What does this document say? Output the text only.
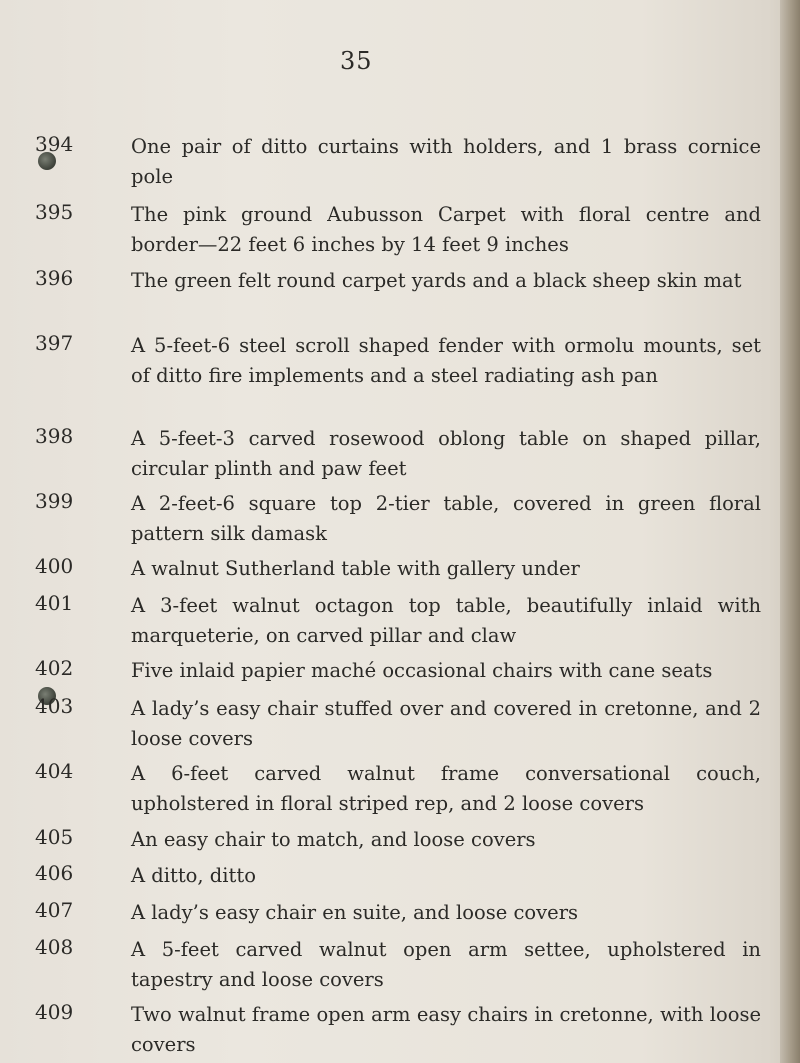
35
394	One pair of ditto curtains with holders, and 1 brass cornice pole
395	The pink ground Aubusson Carpet with floral centre and border—22 feet 6 inches by 14 feet 9 inches
396	The green felt round carpet yards and a black sheep skin mat
397	A 5-feet-6 steel scroll shaped fender with ormolu mounts, set of ditto fire implements and a steel radiating ash pan
398	A 5-feet-3 carved rosewood oblong table on shaped pillar, circular plinth and paw feet
399	A 2-feet-6 square top 2-tier table, covered in green floral pattern silk damask
400	A walnut Sutherland table with gallery under
401	A 3-feet walnut octagon top table, beautifully inlaid with marqueterie, on carved pillar and claw
402	Five inlaid papier maché occasional chairs with cane seats
403	A lady’s easy chair stuffed over and covered in cretonne, and 2 loose covers
404	A 6-feet carved walnut frame conversational couch, upholstered in floral striped rep, and 2 loose covers
405	An easy chair to match, and loose covers
406	A ditto, ditto
407	A lady’s easy chair en suite, and loose covers
408	A 5-feet carved walnut open arm settee, upholstered in tapestry and loose covers
409	Two walnut frame open arm easy chairs in cretonne, with loose covers
